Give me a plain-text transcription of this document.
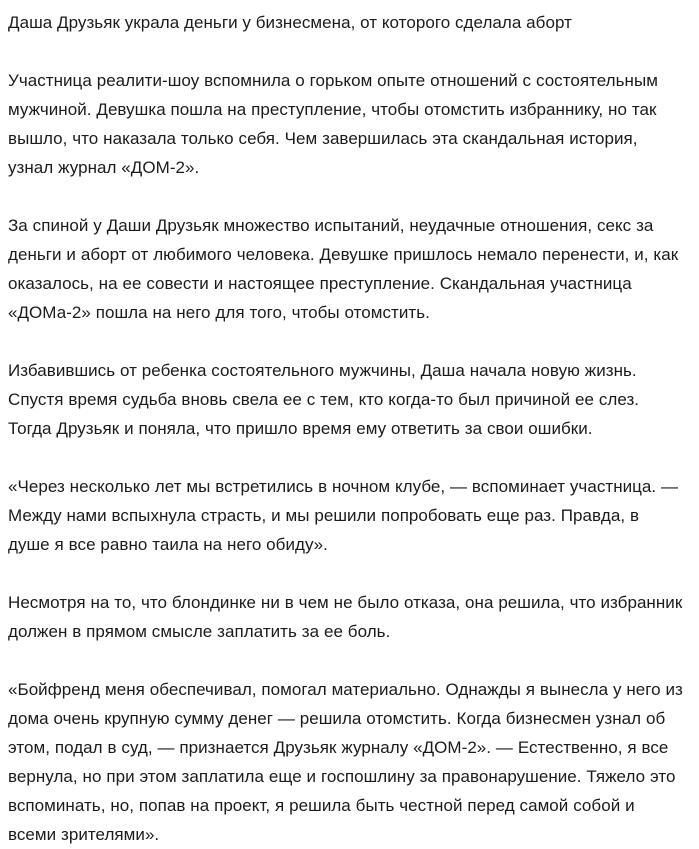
Даша Друзьяк украла деньги у бизнесмена, от которого сделала аборт

Участница реалити-шоу вспомнила о горьком опыте отношений с состоятельным мужчиной. Девушка пошла на преступление, чтобы отомстить избраннику, но так вышло, что наказала только себя. Чем завершилась эта скандальная история, узнал журнал «ДОМ-2».

За спиной у Даши Друзьяк множество испытаний, неудачные отношения, секс за деньги и аборт от любимого человека. Девушке пришлось немало перенести, и, как оказалось, на ее совести и настоящее преступление. Скандальная участница «ДОМа-2» пошла на него для того, чтобы отомстить.

Избавившись от ребенка состоятельного мужчины, Даша начала новую жизнь. Спустя время судьба вновь свела ее с тем, кто когда-то был причиной ее слез. Тогда Друзьяк и поняла, что пришло время ему ответить за свои ошибки.

«Через несколько лет мы встретились в ночном клубе, — вспоминает участница. — Между нами вспыхнула страсть, и мы решили попробовать еще раз. Правда, в душе я все равно таила на него обиду».

Несмотря на то, что блондинке ни в чем не было отказа, она решила, что избранник должен в прямом смысле заплатить за ее боль.

«Бойфренд меня обеспечивал, помогал материально. Однажды я вынесла у него из дома очень крупную сумму денег — решила отомстить. Когда бизнесмен узнал об этом, подал в суд, — признается Друзьяк журналу «ДОМ-2». — Естественно, я все вернула, но при этом заплатила еще и госпошлину за правонарушение. Тяжело это вспоминать, но, попав на проект, я решила быть честной перед самой собой и всеми зрителями».
